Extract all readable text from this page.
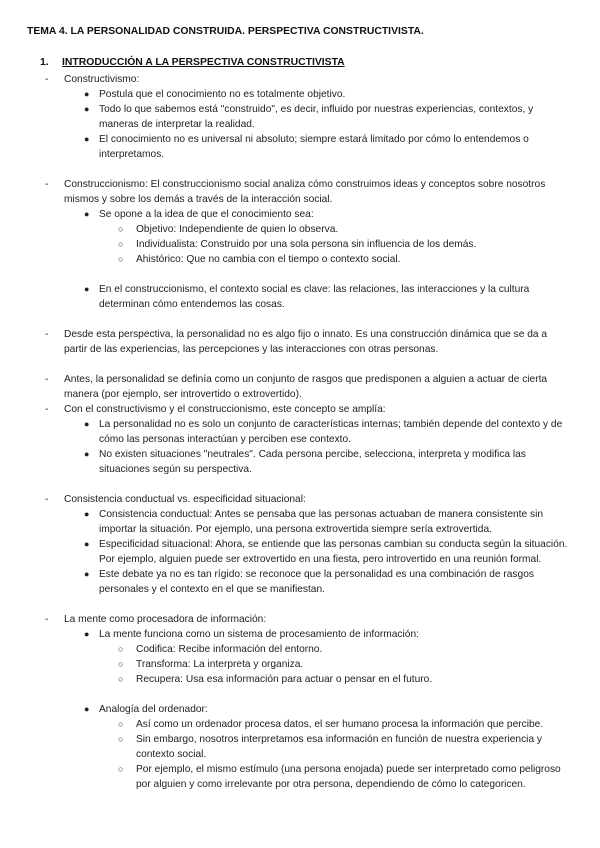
TEMA 4. LA PERSONALIDAD CONSTRUIDA. PERSPECTIVA CONSTRUCTIVISTA.
1. INTRODUCCIÓN A LA PERSPECTIVA CONSTRUCTIVISTA
- Constructivismo:
● Postula que el conocimiento no es totalmente objetivo.
● Todo lo que sabemos está "construido", es decir, influido por nuestras experiencias, contextos, y maneras de interpretar la realidad.
● El conocimiento no es universal ni absoluto; siempre estará limitado por cómo lo entendemos o interpretamos.
- Construccionismo: El construccionismo social analiza cómo construimos ideas y conceptos sobre nosotros mismos y sobre los demás a través de la interacción social.
● Se opone a la idea de que el conocimiento sea:
○ Objetivo: Independiente de quien lo observa.
○ Individualista: Construido por una sola persona sin influencia de los demás.
○ Ahistórico: Que no cambia con el tiempo o contexto social.
● En el construccionismo, el contexto social es clave: las relaciones, las interacciones y la cultura determinan cómo entendemos las cosas.
- Desde esta perspectiva, la personalidad no es algo fijo o innato. Es una construcción dinámica que se da a partir de las experiencias, las percepciones y las interacciones con otras personas.
- Antes, la personalidad se definía como un conjunto de rasgos que predisponen a alguien a actuar de cierta manera (por ejemplo, ser introvertido o extrovertido).
- Con el constructivismo y el construccionismo, este concepto se amplía:
● La personalidad no es solo un conjunto de características internas; también depende del contexto y de cómo las personas interactúan y perciben ese contexto.
● No existen situaciones "neutrales". Cada persona percibe, selecciona, interpreta y modifica las situaciones según su perspectiva.
- Consistencia conductual vs. especificidad situacional:
● Consistencia conductual: Antes se pensaba que las personas actuaban de manera consistente sin importar la situación. Por ejemplo, una persona extrovertida siempre sería extrovertida.
● Especificidad situacional: Ahora, se entiende que las personas cambian su conducta según la situación. Por ejemplo, alguien puede ser extrovertido en una fiesta, pero introvertido en una reunión formal.
● Este debate ya no es tan rígido: se reconoce que la personalidad es una combinación de rasgos personales y el contexto en el que se manifiestan.
- La mente como procesadora de información:
● La mente funciona como un sistema de procesamiento de información:
○ Codifica: Recibe información del entorno.
○ Transforma: La interpreta y organiza.
○ Recupera: Usa esa información para actuar o pensar en el futuro.
● Analogía del ordenador:
○ Así como un ordenador procesa datos, el ser humano procesa la información que percibe.
○ Sin embargo, nosotros interpretamos esa información en función de nuestra experiencia y contexto social.
○ Por ejemplo, el mismo estímulo (una persona enojada) puede ser interpretado como peligroso por alguien y como irrelevante por otra persona, dependiendo de cómo lo categoricen.
